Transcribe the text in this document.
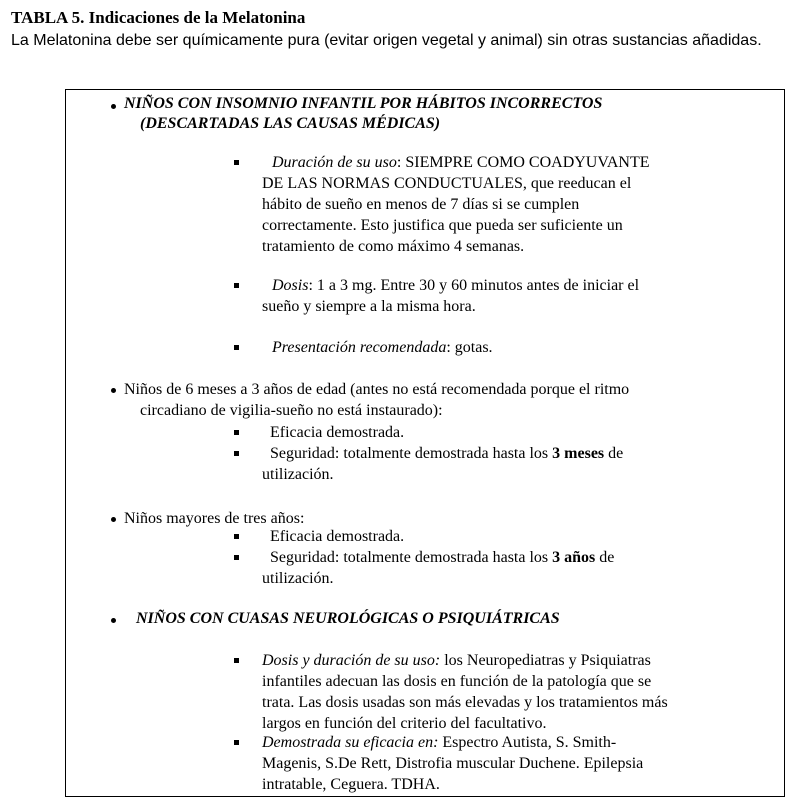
TABLA 5. Indicaciones de la Melatonina
La Melatonina debe ser químicamente pura (evitar origen vegetal y animal) sin otras sustancias añadidas.
NIÑOS CON INSOMNIO INFANTIL POR HÁBITOS INCORRECTOS
(DESCARTADAS LAS CAUSAS MÉDICAS)
Duración de su uso: SIEMPRE COMO COADYUVANTE
DE LAS NORMAS CONDUCTUALES, que reeducan el
hábito de sueño en menos de 7 días si se cumplen
correctamente. Esto justifica que pueda ser suficiente un
tratamiento de como máximo 4 semanas.
Dosis: 1 a 3 mg. Entre 30 y 60 minutos antes de iniciar el
sueño y siempre a la misma hora.
Presentación recomendada: gotas.
Niños de 6 meses a 3 años de edad (antes no está recomendada porque el ritmo
circadiano de vigilia-sueño no está instaurado):
Eficacia demostrada.
Seguridad: totalmente demostrada hasta los 3 meses de
utilización.
Niños mayores de tres años:
Eficacia demostrada.
Seguridad: totalmente demostrada hasta los 3 años de
utilización.
NIÑOS CON CUASAS NEUROLÓGICAS O PSIQUIÁTRICAS
Dosis y duración de su uso: los Neuropediatras y Psiquiatras
infantiles adecuan las dosis en función de la patología que se
trata. Las dosis usadas son más elevadas y los tratamientos más
largos en función del criterio del facultativo.
Demostrada su eficacia en: Espectro Autista, S. Smith-
Magenis, S.De Rett, Distrofia muscular Duchene. Epilepsia
intratable, Ceguera. TDHA.
